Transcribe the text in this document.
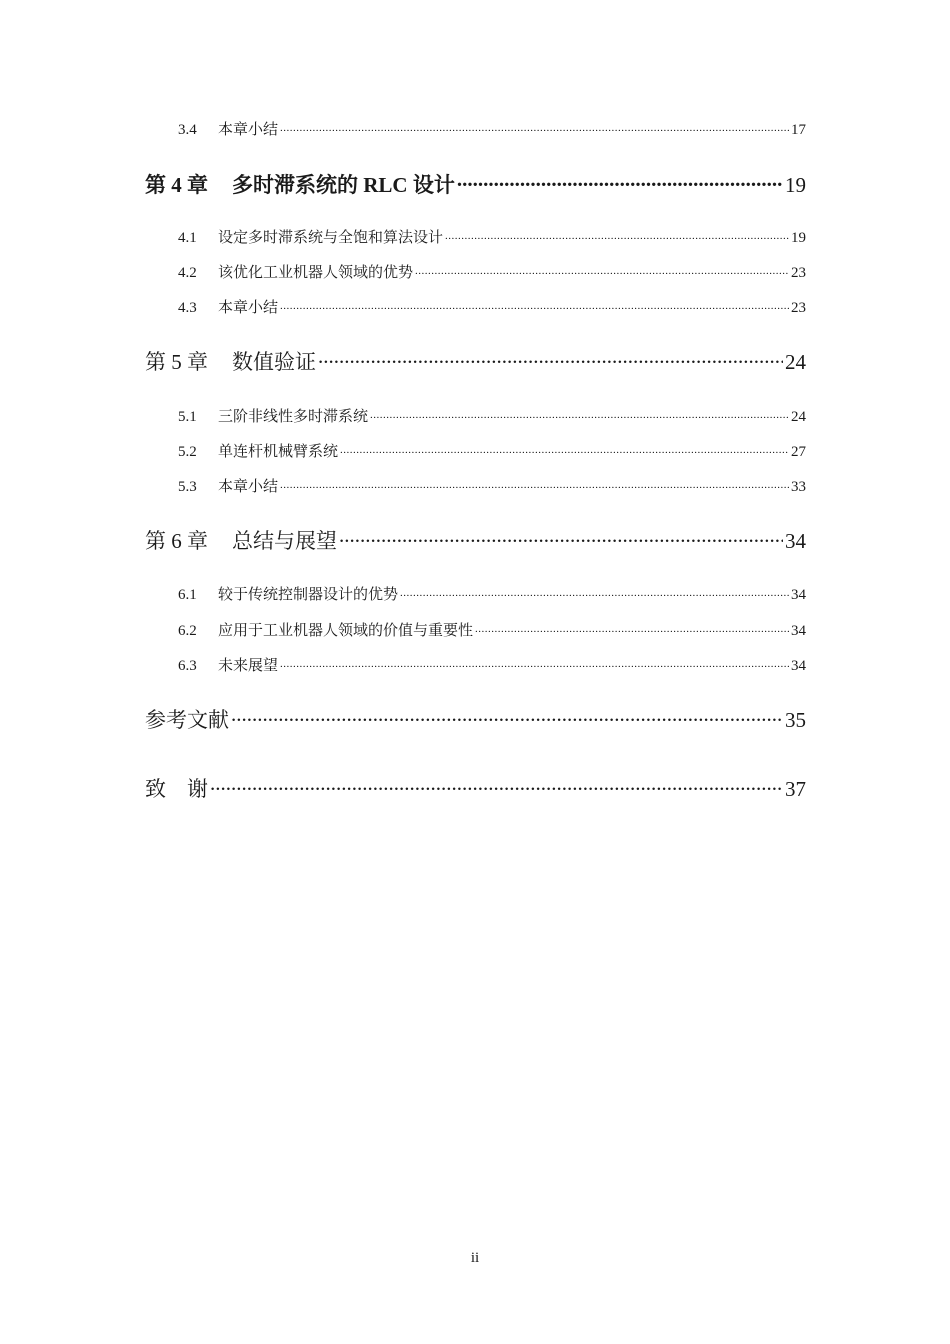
3.4	本章小结 .....	17
第 4 章 多时滞系统的 RLC 设计 .....	19
4.1	设定多时滞系统与全饱和算法设计 .....	19
4.2	该优化工业机器人领域的优势 .....	23
4.3	本章小结 .....	23
第 5 章 数值验证 .....	24
5.1	三阶非线性多时滞系统 .....	24
5.2	单连杆机械臂系统 .....	27
5.3	本章小结 .....	33
第 6 章 总结与展望 .....	34
6.1	较于传统控制器设计的优势 .....	34
6.2	应用于工业机器人领域的价值与重要性 .....	34
6.3	未来展望 .....	34
参考文献 .....	35
致    谢 .....	37
ii
